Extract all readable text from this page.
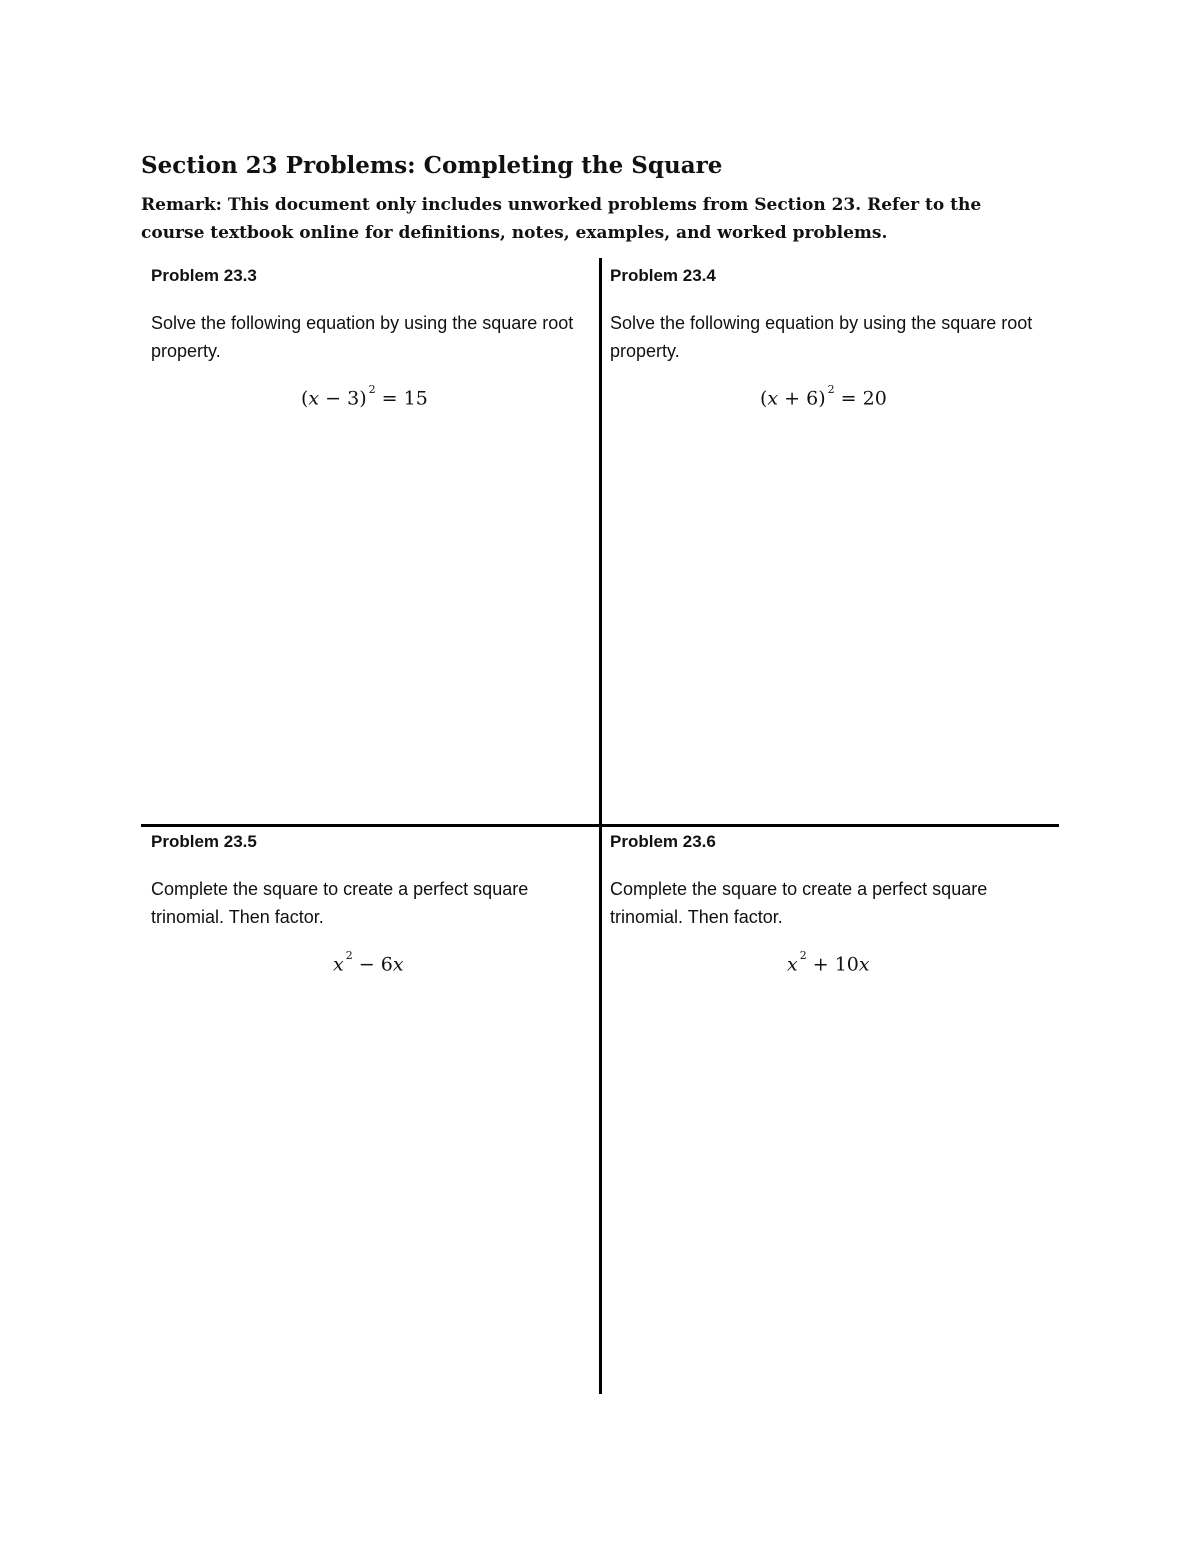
Section 23 Problems: Completing the Square
Remark: This document only includes unworked problems from Section 23. Refer to the course textbook online for definitions, notes, examples, and worked problems.
Problem 23.3
Solve the following equation by using the square root property.
(x − 3) $^2$ = 15
Problem 23.4
Solve the following equation by using the square root property.
(x + 6) $^2$ = 20
Problem 23.5
Complete the square to create a perfect square trinomial. Then factor.
x $^2$ − 6x
Problem 23.6
Complete the square to create a perfect square trinomial. Then factor.
x $^2$ + 10x
